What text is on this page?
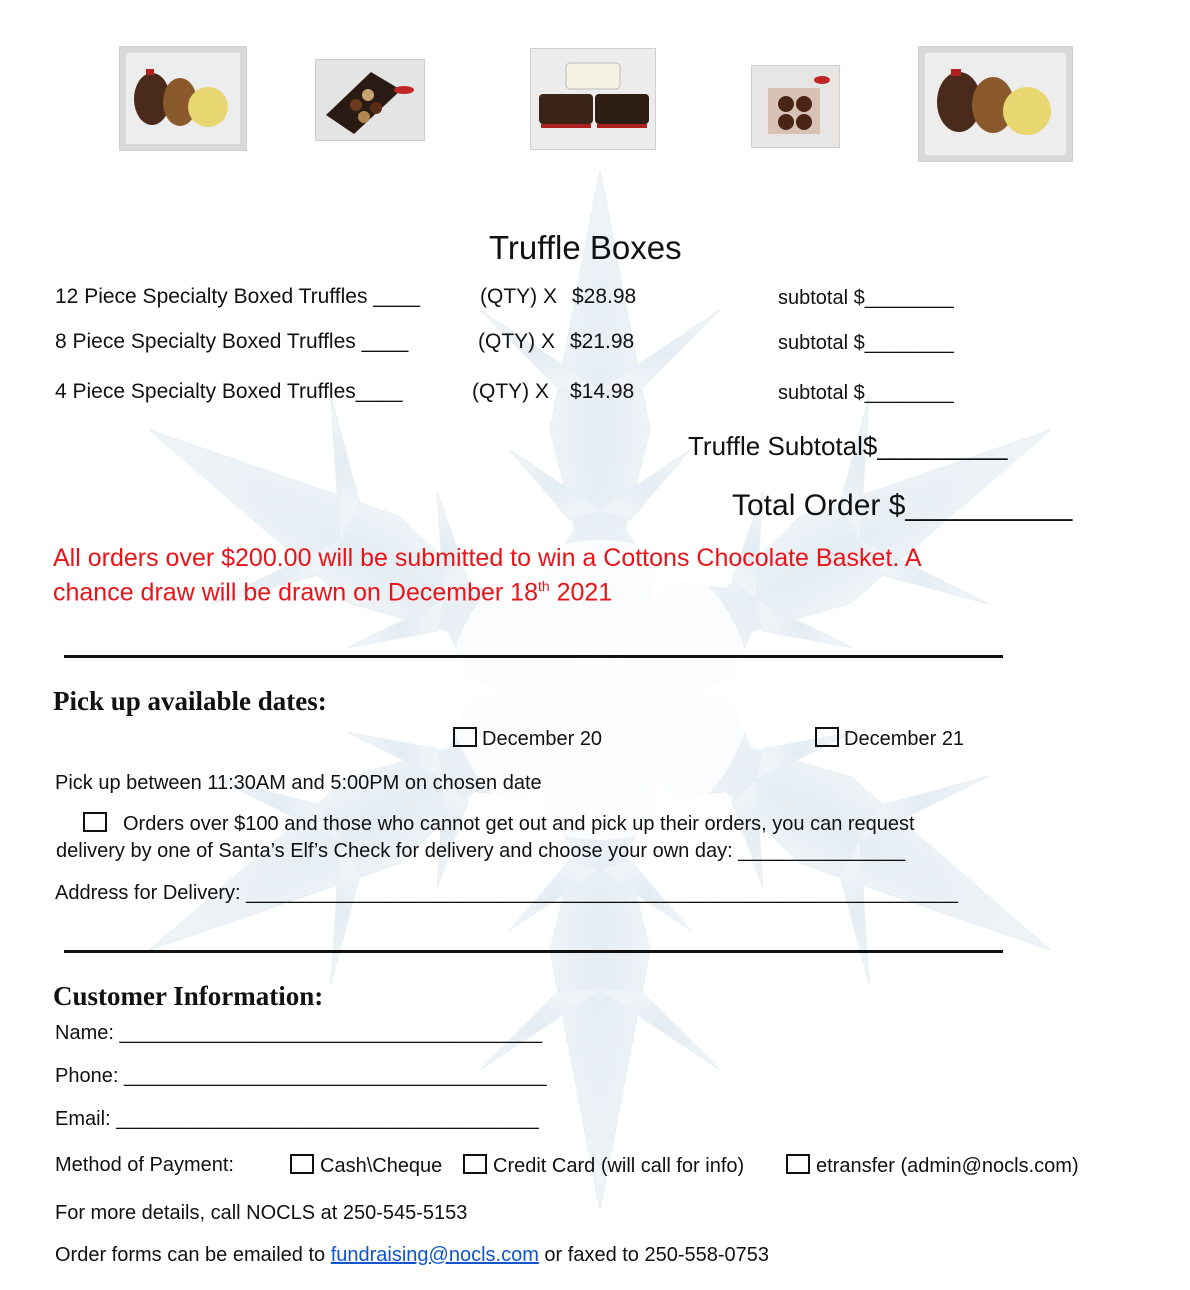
Truffle Boxes
12 Piece Specialty Boxed Truffles ____	(QTY) X $28.98	subtotal $________
8 Piece Specialty Boxed Truffles ____	(QTY) X $21.98	subtotal $________
4 Piece Specialty Boxed Truffles____	(QTY) X $14.98	subtotal $________
Truffle Subtotal$_________
Total Order $__________
All orders over $200.00 will be submitted to win a Cottons Chocolate Basket. A
chance draw will be drawn on December 18th 2021
Pick up available dates:
December 20	December 21
Pick up between 11:30AM and 5:00PM on chosen date
Orders over $100 and those who cannot get out and pick up their orders, you can request
delivery by one of Santa’s Elf’s Check for delivery and choose your own day: _______________
Address for Delivery: ________________________________________________________________
Customer Information:
Name: ______________________________________
Phone: ______________________________________
Email: ______________________________________
Method of Payment:	Cash\Cheque	Credit Card (will call for info)	etransfer (admin@nocls.com)
For more details, call NOCLS at 250-545-5153
Order forms can be emailed to fundraising@nocls.com or faxed to 250-558-0753
